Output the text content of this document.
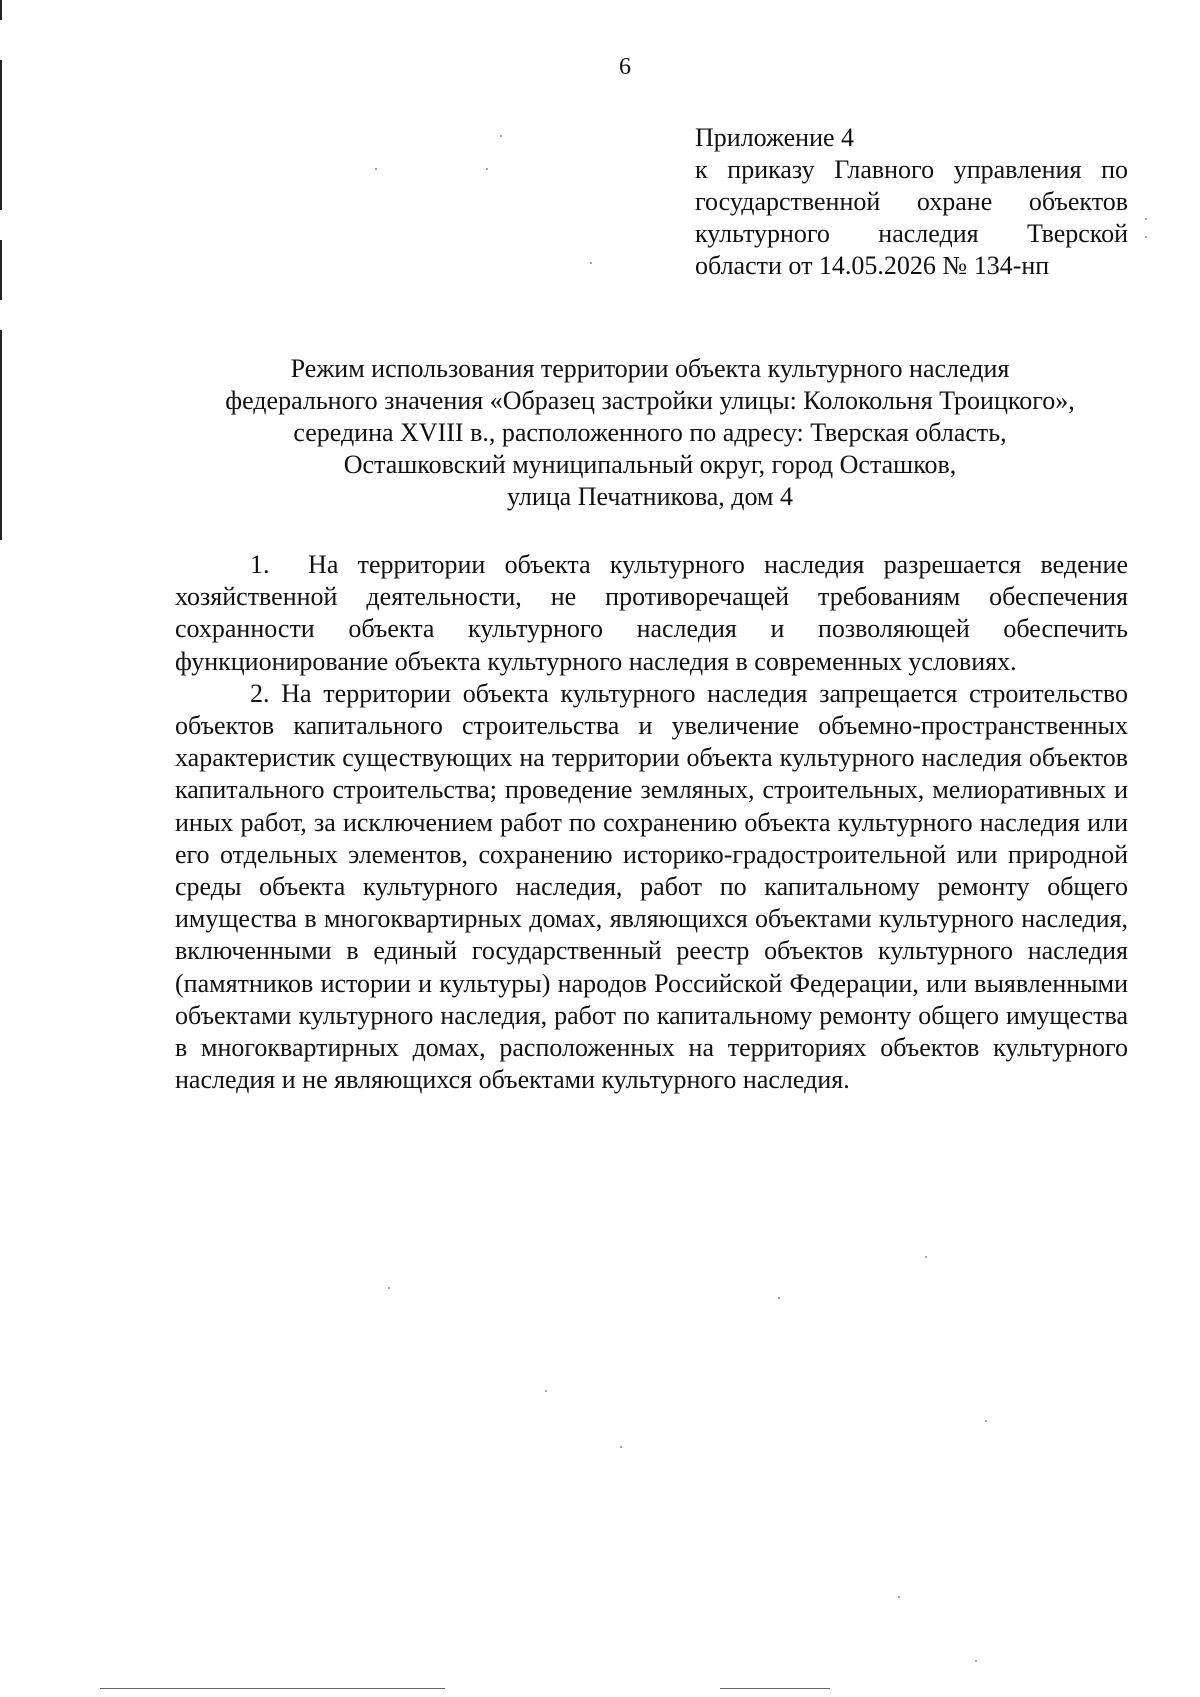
6
Приложение 4
к приказу Главного управления по государственной охране объектов культурного наследия Тверской области от 14.05.2026 № 134-нп
Режим использования территории объекта культурного наследия
федерального значения «Образец застройки улицы: Колокольня Троицкого»,
середина XVIII в., расположенного по адресу: Тверская область,
Осташковский муниципальный округ, город Осташков,
улица Печатникова, дом 4

1. На территории объекта культурного наследия разрешается ведение хозяйственной деятельности, не противоречащей требованиям обеспечения сохранности объекта культурного наследия и позволяющей обеспечить функционирование объекта культурного наследия в современных условиях.

2. На территории объекта культурного наследия запрещается строительство объектов капитального строительства и увеличение объемно-пространственных характеристик существующих на территории объекта культурного наследия объектов капитального строительства; проведение земляных, строительных, мелиоративных и иных работ, за исключением работ по сохранению объекта культурного наследия или его отдельных элементов, сохранению историко-градостроительной или природной среды объекта культурного наследия, работ по капитальному ремонту общего имущества в многоквартирных домах, являющихся объектами культурного наследия, включенными в единый государственный реестр объектов культурного наследия (памятников истории и культуры) народов Российской Федерации, или выявленными объектами культурного наследия, работ по капитальному ремонту общего имущества в многоквартирных домах, расположенных на территориях объектов культурного наследия и не являющихся объектами культурного наследия.
